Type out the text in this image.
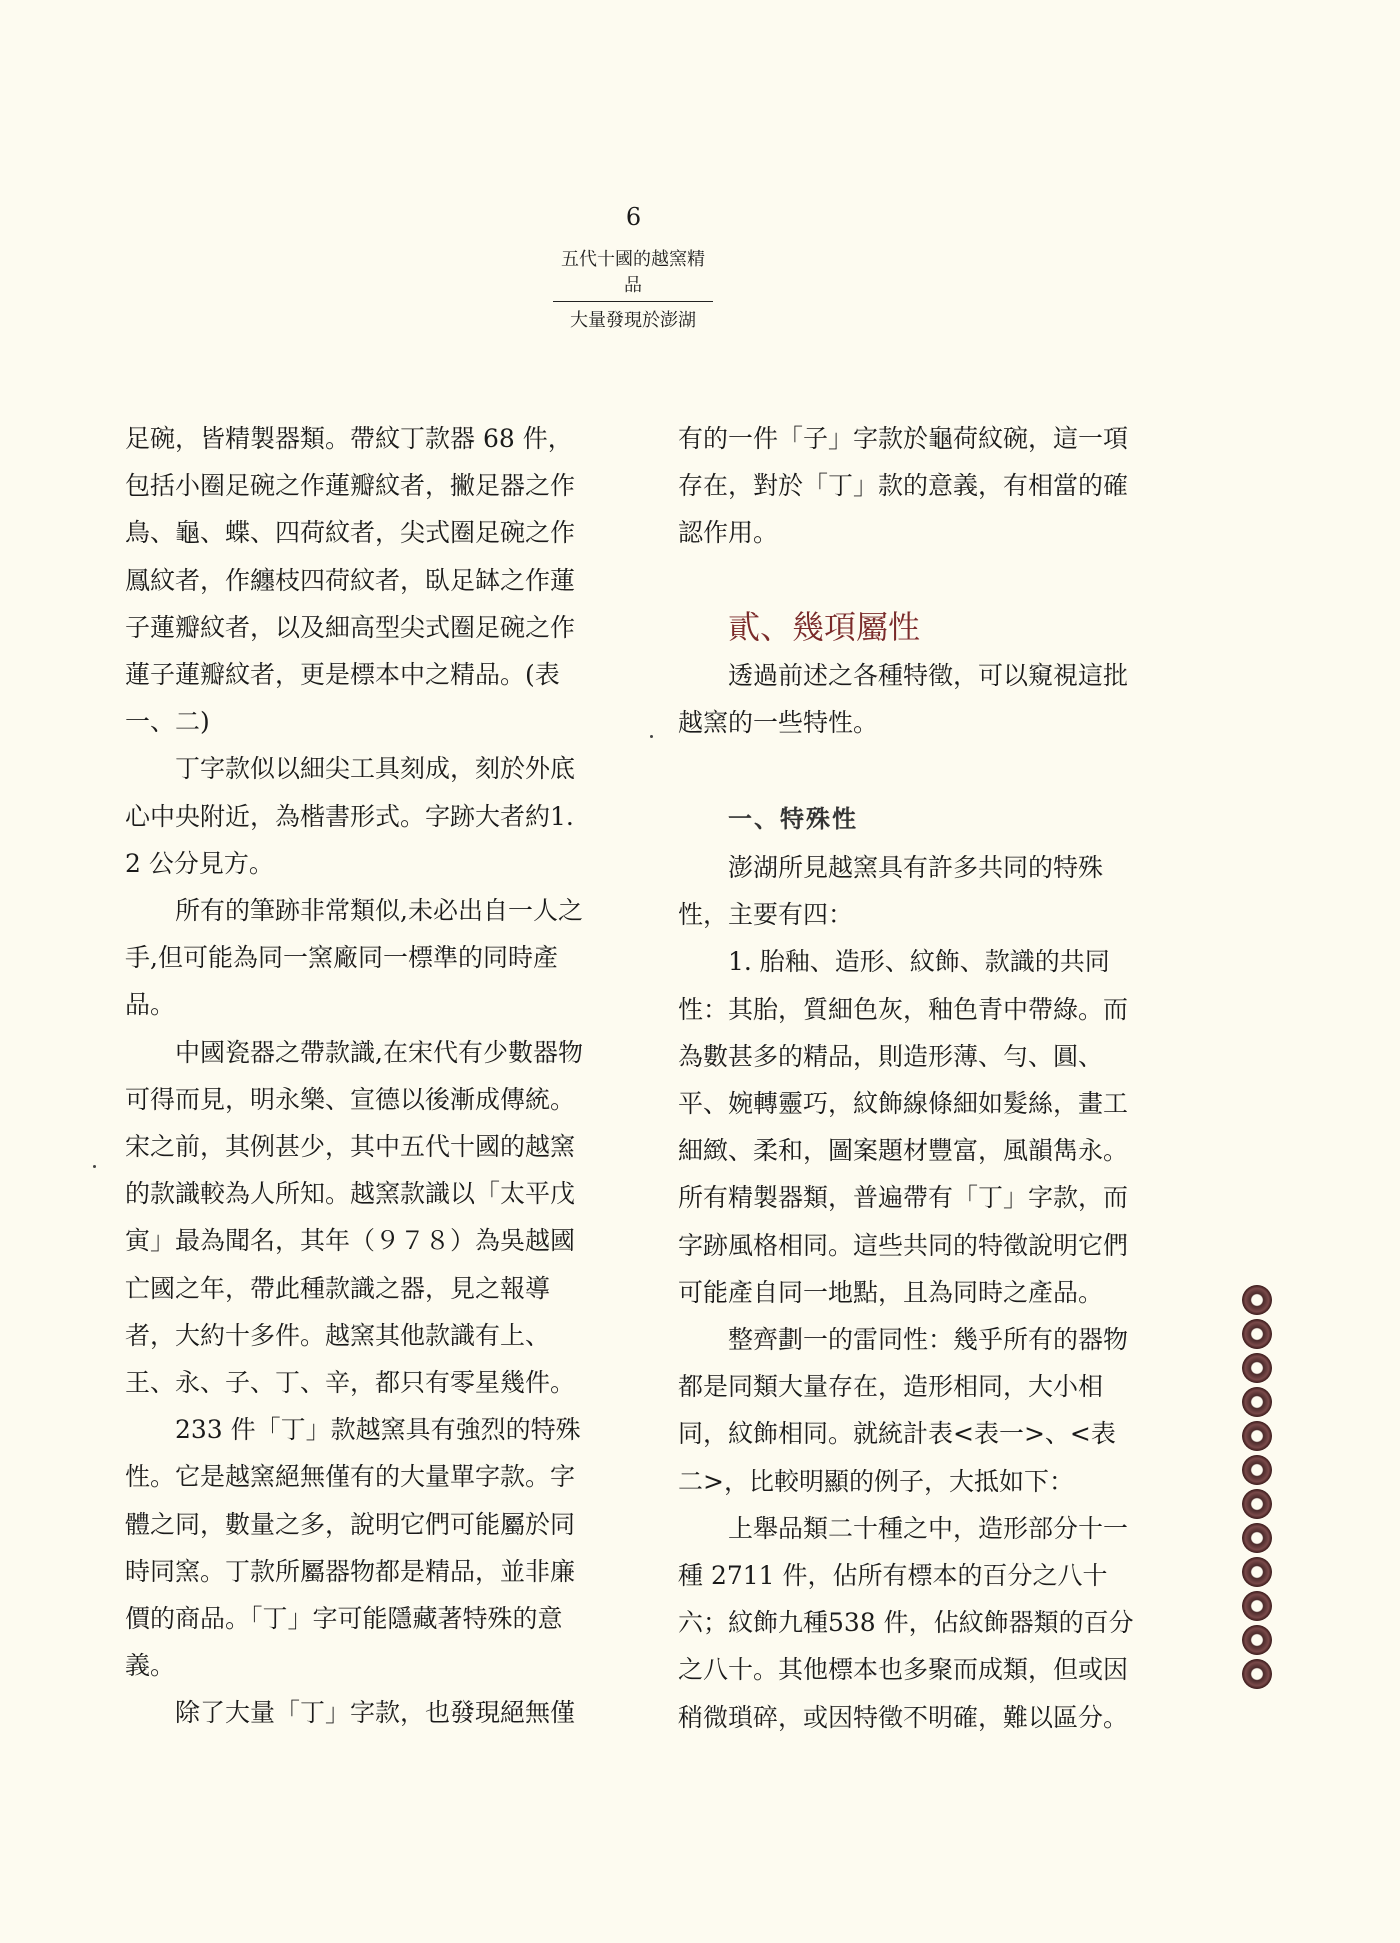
6
五代十國的越窯精品
大量發現於澎湖

足碗，皆精製器類。帶紋丁款器 68 件，包括小圈足碗之作蓮瓣紋者，撇足器之作鳥、龜、蝶、四荷紋者，尖式圈足碗之作鳳紋者，作纏枝四荷紋者，臥足缽之作蓮子蓮瓣紋者，以及細高型尖式圈足碗之作蓮子蓮瓣紋者，更是標本中之精品。(表一、二)

丁字款似以細尖工具刻成，刻於外底心中央附近，為楷書形式。字跡大者約1. 2 公分見方。

所有的筆跡非常類似,未必出自一人之手,但可能為同一窯廠同一標準的同時產品。

中國瓷器之帶款識,在宋代有少數器物可得而見，明永樂、宣德以後漸成傳統。宋之前，其例甚少，其中五代十國的越窯的款識較為人所知。越窯款識以「太平戊寅」最為聞名，其年（９７８）為吳越國亡國之年，帶此種款識之器，見之報導者，大約十多件。越窯其他款識有上、王、永、子、丁、辛，都只有零星幾件。

233 件「丁」款越窯具有強烈的特殊性。它是越窯絕無僅有的大量單字款。字體之同，數量之多，說明它們可能屬於同時同窯。丁款所屬器物都是精品，並非廉價的商品。「丁」字可能隱藏著特殊的意義。

除了大量「丁」字款，也發現絕無僅

有的一件「子」字款於龜荷紋碗，這一項存在，對於「丁」款的意義，有相當的確認作用。

貳、幾項屬性

透過前述之各種特徵，可以窺視這批越窯的一些特性。

一、特殊性

澎湖所見越窯具有許多共同的特殊性，主要有四：

1. 胎釉、造形、紋飾、款識的共同性：其胎，質細色灰，釉色青中帶綠。而為數甚多的精品，則造形薄、勻、圓、平、婉轉靈巧，紋飾線條細如髮絲，畫工細緻、柔和，圖案題材豐富，風韻雋永。所有精製器類，普遍帶有「丁」字款，而字跡風格相同。這些共同的特徵說明它們可能產自同一地點，且為同時之產品。

整齊劃一的雷同性：幾乎所有的器物都是同類大量存在，造形相同，大小相同，紋飾相同。就統計表<表一>、<表二>，比較明顯的例子，大抵如下：

上舉品類二十種之中，造形部分十一種 2711 件，佔所有標本的百分之八十六；紋飾九種538 件，佔紋飾器類的百分之八十。其他標本也多聚而成類，但或因稍微瑣碎，或因特徵不明確，難以區分。
